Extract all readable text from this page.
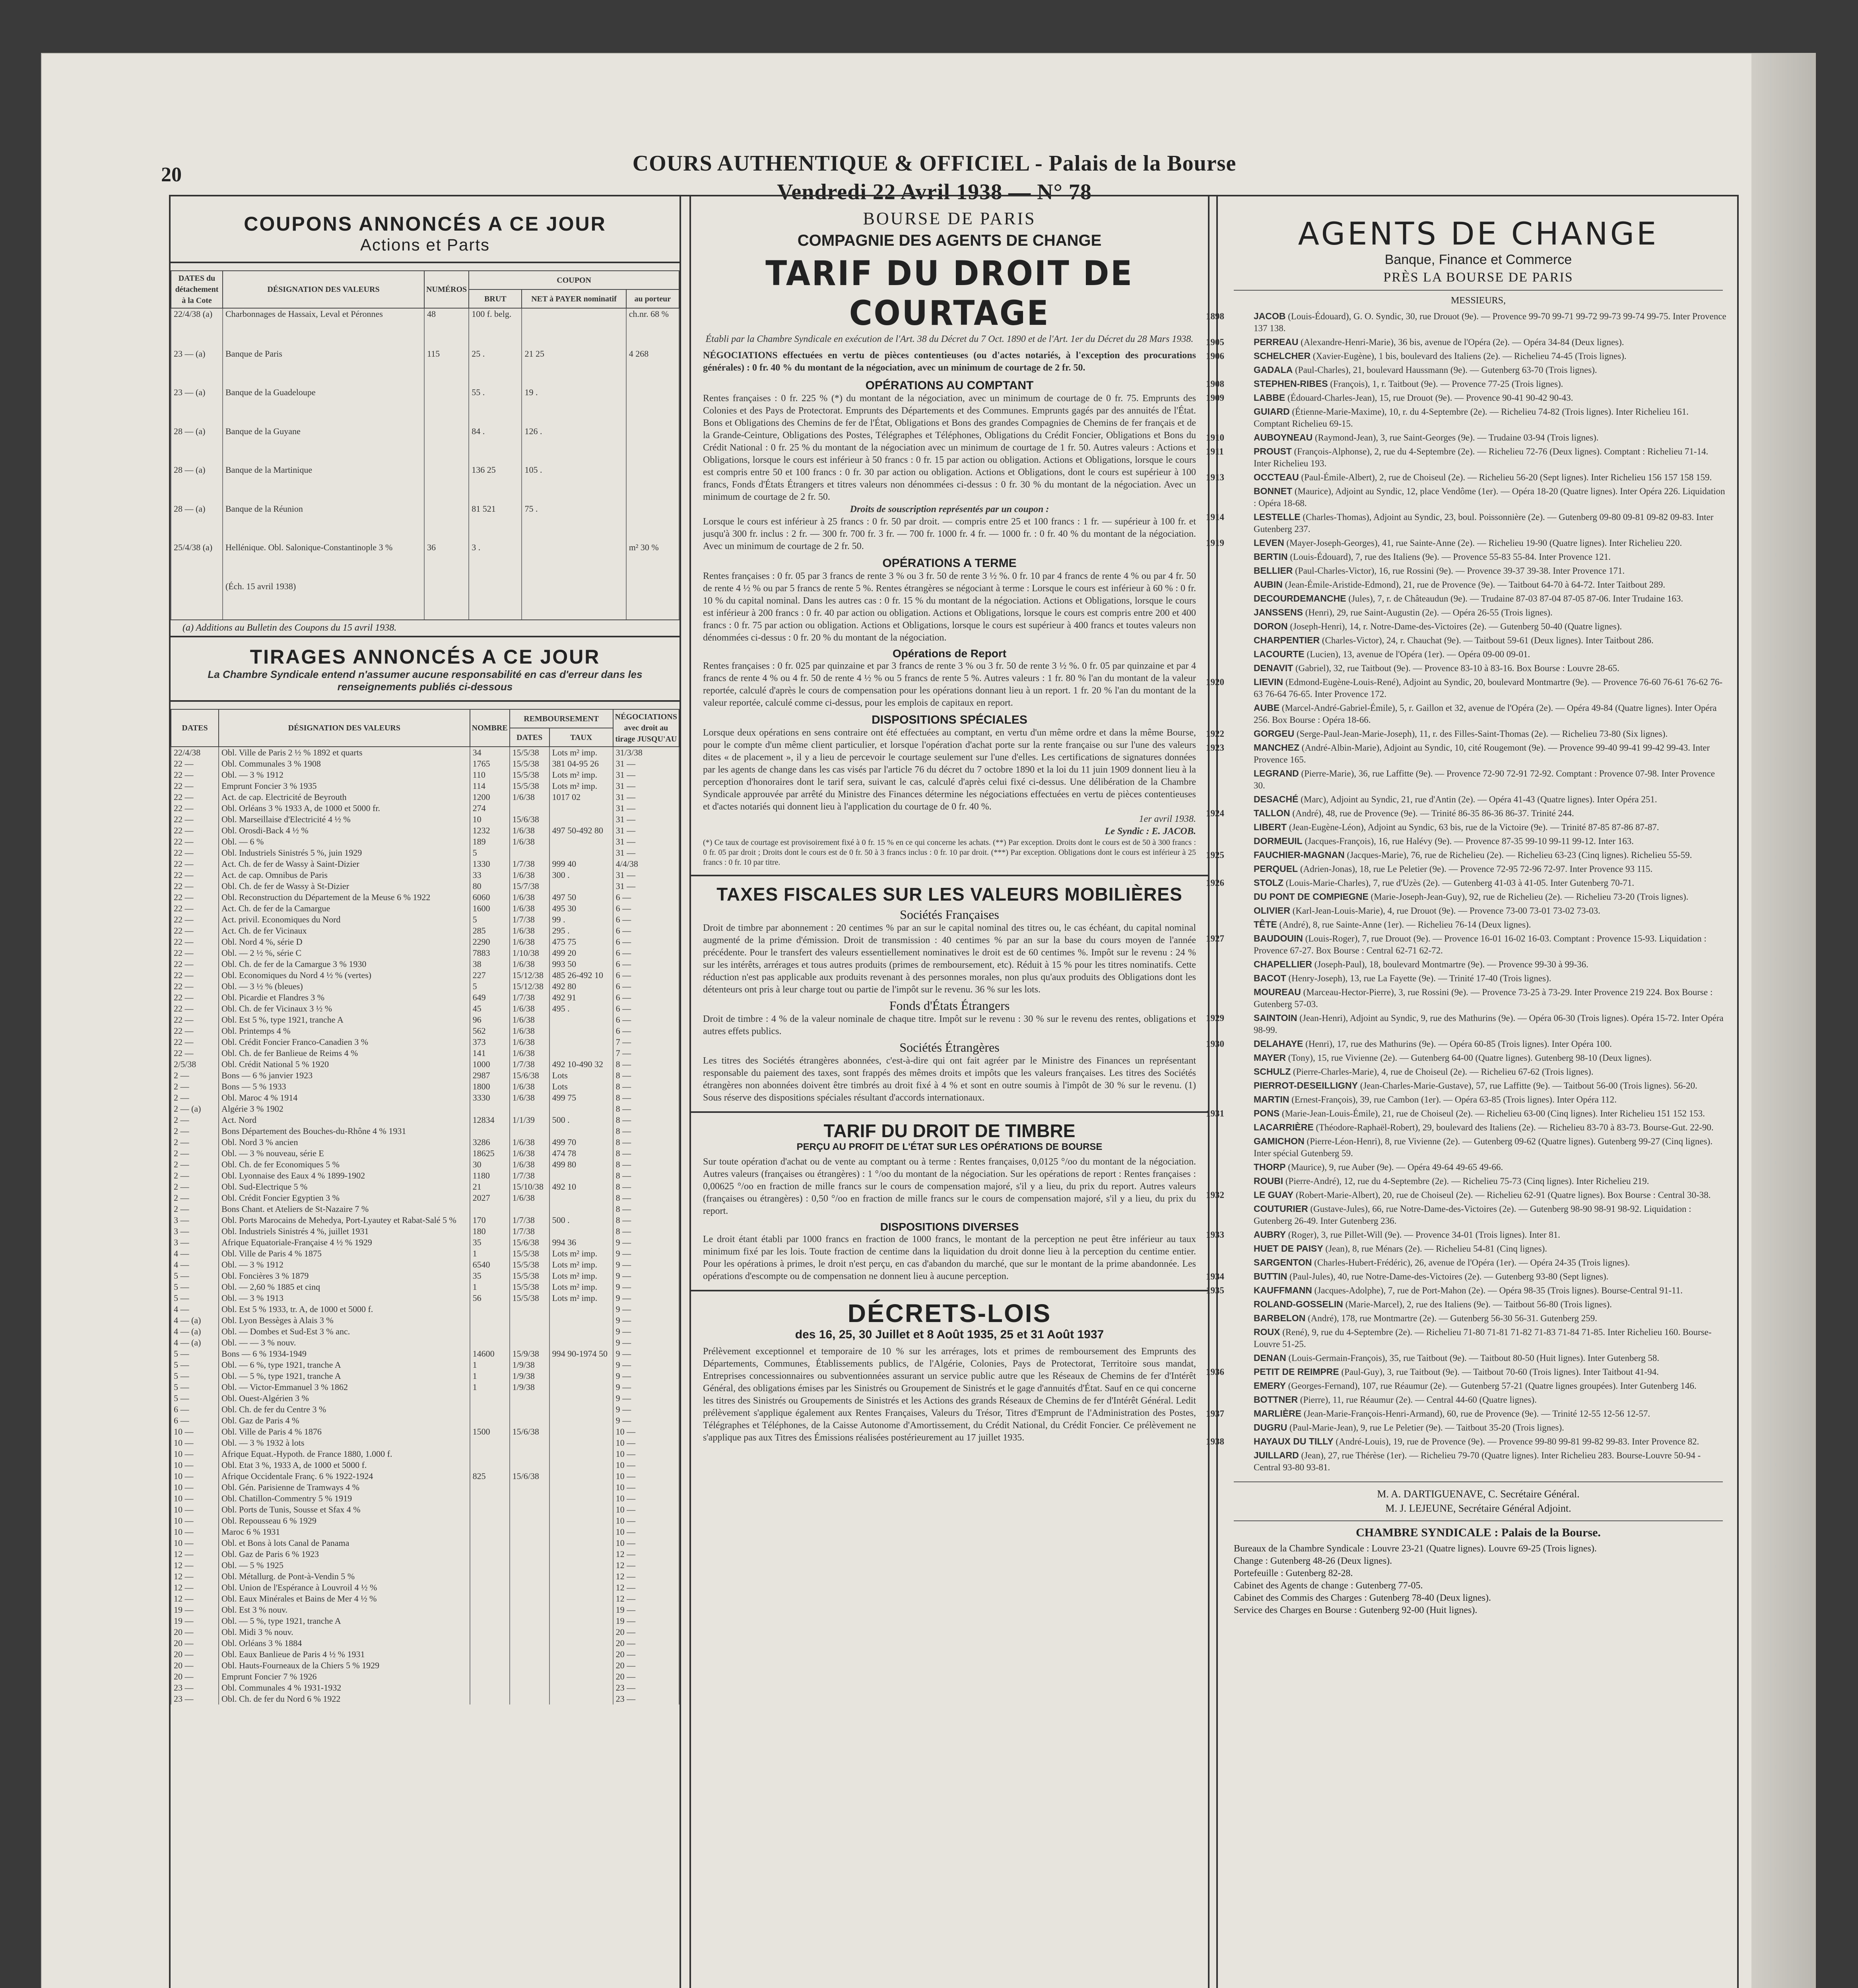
20	COURS AUTHENTIQUE & OFFICIEL - Palais de la Bourse
Vendredi 22 Avril 1938 — N° 78
COUPONS ANNONCÉS A CE JOUR
Actions et Parts
DATES du détachement à la Cote	DÉSIGNATION DES VALEURS	NUMÉROS	COUPON		
			BRUT	NET à PAYER nominatif	au porteur
22/4/38 (a)	Charbonnages de Hassaix, Leval et Péronnes	48	100 f. belg.		ch.nr. 68 %
23 — (a)	Banque de Paris	115	25 .	21 25	4 268
23 — (a)	Banque de la Guadeloupe		55 .	19 .	
28 — (a)	Banque de la Guyane		84 .	126 .	
28 — (a)	Banque de la Martinique		136 25	105 .	
28 — (a)	Banque de la Réunion		81 521	75 .	
25/4/38 (a)	Hellénique. Obl. Salonique-Constantinople 3 %	36	3 .		m² 30 %
	(Éch. 15 avril 1938)				
(a) Additions au Bulletin des Coupons du 15 avril 1938.
TIRAGES ANNONCÉS A CE JOUR
La Chambre Syndicale entend n'assumer aucune responsabilité en cas d'erreur dans les renseignements publiés ci-dessous
DATES	DÉSIGNATION DES VALEURS	NOMBRE	REMBOURSEMENT		NÉGOCIATIONS avec droit au tirage JUSQU'AU
			DATES	TAUX	
22/4/38	Obl. Ville de Paris 2 ½ % 1892 et quarts	34	15/5/38	Lots m² imp.	31/3/38
22 —	Obl. Communales 3 % 1908	1765	15/5/38	381 04-95 26	31 —
22 —	Obl. — 3 % 1912	110	15/5/38	Lots m² imp.	31 —
22 —	Emprunt Foncier 3 % 1935	114	15/5/38	Lots m² imp.	31 —
22 —	Act. de cap. Electricité de Beyrouth	1200	1/6/38	1017 02	31 —
22 —	Obl. Orléans 3 % 1933 A, de 1000 et 5000 fr.	274			31 —
22 —	Obl. Marseillaise d'Electricité 4 ½ %	10	15/6/38		31 —
22 —	Obl. Orosdi-Back 4 ½ %	1232	1/6/38	497 50-492 80	31 —
22 —	Obl. — 6 %	189	1/6/38		31 —
22 —	Obl. Industriels Sinistrés 5 %, juin 1929	5			31 —
22 —	Act. Ch. de fer de Wassy à Saint-Dizier	1330	1/7/38	999 40	4/4/38
22 —	Act. de cap. Omnibus de Paris	33	1/6/38	300 .	31 —
22 —	Obl. Ch. de fer de Wassy à St-Dizier	80	15/7/38		31 —
22 —	Obl. Reconstruction du Département de la Meuse 6 % 1922	6060	1/6/38	497 50	6 —
22 —	Act. Ch. de fer de la Camargue	1600	1/6/38	495 30	6 —
22 —	Act. privil. Economiques du Nord	5	1/7/38	99 .	6 —
22 —	Act. Ch. de fer Vicinaux	285	1/6/38	295 .	6 —
22 —	Obl. Nord 4 %, série D	2290	1/6/38	475 75	6 —
22 —	Obl. — 2 ½ %, série C	7883	1/10/38	499 20	6 —
22 —	Obl. Ch. de fer de la Camargue 3 % 1930	38	1/6/38	993 50	6 —
22 —	Obl. Economiques du Nord 4 ½ % (vertes)	227	15/12/38	485 26-492 10	6 —
22 —	Obl. — 3 ½ % (bleues)	5	15/12/38	492 80	6 —
22 —	Obl. Picardie et Flandres 3 %	649	1/7/38	492 91	6 —
22 —	Obl. Ch. de fer Vicinaux 3 ½ %	45	1/6/38	495 .	6 —
22 —	Obl. Est 5 %, type 1921, tranche A	96	1/6/38		6 —
22 —	Obl. Printemps 4 %	562	1/6/38		6 —
22 —	Obl. Crédit Foncier Franco-Canadien 3 %	373	1/6/38		7 —
22 —	Obl. Ch. de fer Banlieue de Reims 4 %	141	1/6/38		7 —
2/5/38	Obl. Crédit National 5 % 1920	1000	1/7/38	492 10-490 32	8 —
2 —	Bons — 6 % janvier 1923	2987	15/6/38	Lots	8 —
2 —	Bons — 5 % 1933	1800	1/6/38	Lots	8 —
2 —	Obl. Maroc 4 % 1914	3330	1/6/38	499 75	8 —
2 — (a)	Algérie 3 % 1902				8 —
2 —	Act. Nord	12834	1/1/39	500 .	8 —
2 —	Bons Département des Bouches-du-Rhône 4 % 1931				8 —
2 —	Obl. Nord 3 % ancien	3286	1/6/38	499 70	8 —
2 —	Obl. — 3 % nouveau, série E	18625	1/6/38	474 78	8 —
2 —	Obl. Ch. de fer Economiques 5 %	30	1/6/38	499 80	8 —
2 —	Obl. Lyonnaise des Eaux 4 % 1899-1902	1180	1/7/38		8 —
2 —	Obl. Sud-Electrique 5 %	21	15/10/38	492 10	8 —
2 —	Obl. Crédit Foncier Egyptien 3 %	2027	1/6/38		8 —
2 —	Bons Chant. et Ateliers de St-Nazaire 7 %				8 —
3 —	Obl. Ports Marocains de Mehedya, Port-Lyautey et Rabat-Salé 5 %	170	1/7/38	500 .	8 —
3 —	Obl. Industriels Sinistrés 4 %, juillet 1931	180	1/7/38		8 —
3 —	Afrique Equatoriale-Française 4 ½ % 1929	35	15/6/38	994 36	9 —
4 —	Obl. Ville de Paris 4 % 1875	1	15/5/38	Lots m² imp.	9 —
4 —	Obl. — 3 % 1912	6540	15/5/38	Lots m² imp.	9 —
5 —	Obl. Foncières 3 % 1879	35	15/5/38	Lots m² imp.	9 —
5 —	Obl. — 2,60 % 1885 et cinq	1	15/5/38	Lots m² imp.	9 —
5 —	Obl. — 3 % 1913	56	15/5/38	Lots m² imp.	9 —
4 —	Obl. Est 5 % 1933, tr. A, de 1000 et 5000 f.				9 —
4 — (a)	Obl. Lyon Bessèges à Alais 3 %				9 —
4 — (a)	Obl. — Dombes et Sud-Est 3 % anc.				9 —
4 — (a)	Obl. — — 3 % nouv.				9 —
5 —	Bons — 6 % 1934-1949	14600	15/9/38	994 90-1974 50	9 —
5 —	Obl. — 6 %, type 1921, tranche A	1	1/9/38		9 —
5 —	Obl. — 5 %, type 1921, tranche A	1	1/9/38		9 —
5 —	Obl. — Victor-Emmanuel 3 % 1862	1	1/9/38		9 —
5 —	Obl. Ouest-Algérien 3 %				9 —
6 —	Obl. Ch. de fer du Centre 3 %				9 —
6 —	Obl. Gaz de Paris 4 %				9 —
10 —	Obl. Ville de Paris 4 % 1876	1500	15/6/38		10 —
10 —	Obl. — 3 % 1932 à lots				10 —
10 —	Afrique Equat.-Hypoth. de France 1880, 1.000 f.				10 —
10 —	Obl. Etat 3 %, 1933 A, de 1000 et 5000 f.				10 —
10 —	Afrique Occidentale Franç. 6 % 1922-1924	825	15/6/38		10 —
10 —	Obl. Gén. Parisienne de Tramways 4 %				10 —
10 —	Obl. Chatillon-Commentry 5 % 1919				10 —
10 —	Obl. Ports de Tunis, Sousse et Sfax 4 %				10 —
10 —	Obl. Repousseau 6 % 1929				10 —
10 —	Maroc 6 % 1931				10 —
10 —	Obl. et Bons à lots Canal de Panama				10 —
12 —	Obl. Gaz de Paris 6 % 1923				12 —
12 —	Obl. — 5 % 1925				12 —
12 —	Obl. Métallurg. de Pont-à-Vendin 5 %				12 —
12 —	Obl. Union de l'Espérance à Louvroil 4 ½ %				12 —
12 —	Obl. Eaux Minérales et Bains de Mer 4 ½ %				12 —
19 —	Obl. Est 3 % nouv.				19 —
19 —	Obl. — 5 %, type 1921, tranche A				19 —
20 —	Obl. Midi 3 % nouv.				20 —
20 —	Obl. Orléans 3 % 1884				20 —
20 —	Obl. Eaux Banlieue de Paris 4 ½ % 1931				20 —
20 —	Obl. Hauts-Fourneaux de la Chiers 5 % 1929				20 —
20 —	Emprunt Foncier 7 % 1926				20 —
23 —	Obl. Communales 4 % 1931-1932				23 —
23 —	Obl. Ch. de fer du Nord 6 % 1922				23 —
BOURSE DE PARIS
COMPAGNIE DES AGENTS DE CHANGE
TARIF DU DROIT DE COURTAGE
Établi par la Chambre Syndicale en exécution de l'Art. 38 du Décret du 7 Oct. 1890 et de l'Art. 1er du Décret du 28 Mars 1938.
NÉGOCIATIONS effectuées en vertu de pièces contentieuses (ou d'actes notariés, à l'exception des procurations générales) : 0 fr. 40 % du montant de la négociation, avec un minimum de courtage de 2 fr. 50.
OPÉRATIONS AU COMPTANT
Rentes françaises : 0 fr. 225 % (*) du montant de la négociation, avec un minimum de courtage de 0 fr. 75. Emprunts des Colonies et des Pays de Protectorat. Emprunts des Départements et des Communes. Emprunts gagés par des annuités de l'État. Bons et Obligations des Chemins de fer de l'État, Obligations et Bons des grandes Compagnies de Chemins de fer français et de la Grande-Ceinture, Obligations des Postes, Télégraphes et Téléphones, Obligations du Crédit Foncier, Obligations et Bons du Crédit National : 0 fr. 25 % du montant de la négociation avec un minimum de courtage de 1 fr. 50. Autres valeurs : Actions et Obligations, lorsque le cours est inférieur à 50 francs : 0 fr. 15 par action ou obligation. Actions et Obligations, lorsque le cours est compris entre 50 et 100 francs : 0 fr. 30 par action ou obligation. Actions et Obligations, dont le cours est supérieur à 100 francs, Fonds d'États Étrangers et titres valeurs non dénommées ci-dessus : 0 fr. 30 % du montant de la négociation. Avec un minimum de courtage de 2 fr. 50.
Droits de souscription représentés par un coupon :
Lorsque le cours est inférieur à 25 francs : 0 fr. 50 par droit. — compris entre 25 et 100 francs : 1 fr. — supérieur à 100 fr. et jusqu'à 300 fr. inclus : 2 fr. — 300 fr. 700 fr. 3 fr. — 700 fr. 1000 fr. 4 fr. — 1000 fr. : 0 fr. 40 % du montant de la négociation. Avec un minimum de courtage de 2 fr. 50.
OPÉRATIONS A TERME
Rentes françaises : 0 fr. 05 par 3 francs de rente 3 % ou 3 fr. 50 de rente 3 ½ %. 0 fr. 10 par 4 francs de rente 4 % ou par 4 fr. 50 de rente 4 ½ % ou par 5 francs de rente 5 %. Rentes étrangères se négociant à terme : Lorsque le cours est inférieur à 60 % : 0 fr. 10 % du capital nominal. Dans les autres cas : 0 fr. 15 % du montant de la négociation. Actions et Obligations, lorsque le cours est inférieur à 200 francs : 0 fr. 40 par action ou obligation. Actions et Obligations, lorsque le cours est compris entre 200 et 400 francs : 0 fr. 75 par action ou obligation. Actions et Obligations, lorsque le cours est supérieur à 400 francs et toutes valeurs non dénommées ci-dessus : 0 fr. 20 % du montant de la négociation.
Opérations de Report
Rentes françaises : 0 fr. 025 par quinzaine et par 3 francs de rente 3 % ou 3 fr. 50 de rente 3 ½ %. 0 fr. 05 par quinzaine et par 4 francs de rente 4 % ou 4 fr. 50 de rente 4 ½ % ou 5 francs de rente 5 %. Autres valeurs : 1 fr. 80 % l'an du montant de la valeur reportée, calculé d'après le cours de compensation pour les opérations donnant lieu à un report. 1 fr. 20 % l'an du montant de la valeur reportée, calculé comme ci-dessus, pour les emplois de capitaux en report.
DISPOSITIONS SPÉCIALES
Lorsque deux opérations en sens contraire ont été effectuées au comptant, en vertu d'un même ordre et dans la même Bourse, pour le compte d'un même client particulier, et lorsque l'opération d'achat porte sur la rente française ou sur l'une des valeurs dites « de placement », il y a lieu de percevoir le courtage seulement sur l'une d'elles. Les certifications de signatures données par les agents de change dans les cas visés par l'article 76 du décret du 7 octobre 1890 et la loi du 11 juin 1909 donnent lieu à la perception d'honoraires dont le tarif sera, suivant le cas, calculé d'après celui fixé ci-dessus. Une délibération de la Chambre Syndicale approuvée par arrêté du Ministre des Finances détermine les négociations effectuées en vertu de pièces contentieuses et d'actes notariés qui donnent lieu à l'application du courtage de 0 fr. 40 %.
1er avril 1938.
Le Syndic : E. JACOB.
(*) Ce taux de courtage est provisoirement fixé à 0 fr. 15 % en ce qui concerne les achats. (**) Par exception. Droits dont le cours est de 50 à 300 francs : 0 fr. 05 par droit ; Droits dont le cours est de 0 fr. 50 à 3 francs inclus : 0 fr. 10 par droit. (***) Par exception. Obligations dont le cours est inférieur à 25 francs : 0 fr. 10 par titre.
TAXES FISCALES SUR LES VALEURS MOBILIÈRES
Sociétés Françaises
Droit de timbre par abonnement : 20 centimes % par an sur le capital nominal des titres ou, le cas échéant, du capital nominal augmenté de la prime d'émission. Droit de transmission : 40 centimes % par an sur la base du cours moyen de l'année précédente. Pour le transfert des valeurs essentiellement nominatives le droit est de 60 centimes %. Impôt sur le revenu : 24 % sur les intérêts, arrérages et tous autres produits (primes de remboursement, etc). Réduit à 15 % pour les titres nominatifs. Cette réduction n'est pas applicable aux produits revenant à des personnes morales, non plus qu'aux produits des Obligations dont les détenteurs ont pris à leur charge tout ou partie de l'impôt sur le revenu. 36 % sur les lots.
Fonds d'États Étrangers
Droit de timbre : 4 % de la valeur nominale de chaque titre. Impôt sur le revenu : 30 % sur le revenu des rentes, obligations et autres effets publics.
Sociétés Étrangères
Les titres des Sociétés étrangères abonnées, c'est-à-dire qui ont fait agréer par le Ministre des Finances un représentant responsable du paiement des taxes, sont frappés des mêmes droits et impôts que les valeurs françaises. Les titres des Sociétés étrangères non abonnées doivent être timbrés au droit fixé à 4 % et sont en outre soumis à l'impôt de 30 % sur le revenu. (1) Sous réserve des dispositions spéciales résultant d'accords internationaux.
TARIF DU DROIT DE TIMBRE
PERÇU AU PROFIT DE L'ÉTAT SUR LES OPÉRATIONS DE BOURSE
Sur toute opération d'achat ou de vente au comptant ou à terme : Rentes françaises, 0,0125 °/oo du montant de la négociation. Autres valeurs (françaises ou étrangères) : 1 °/oo du montant de la négociation. Sur les opérations de report : Rentes françaises : 0,00625 °/oo en fraction de mille francs sur le cours de compensation majoré, s'il y a lieu, du prix du report. Autres valeurs (françaises ou étrangères) : 0,50 °/oo en fraction de mille francs sur le cours de compensation majoré, s'il y a lieu, du prix du report.
DISPOSITIONS DIVERSES
Le droit étant établi par 1000 francs en fraction de 1000 francs, le montant de la perception ne peut être inférieur au taux minimum fixé par les lois. Toute fraction de centime dans la liquidation du droit donne lieu à la perception du centime entier. Pour les opérations à primes, le droit n'est perçu, en cas d'abandon du marché, que sur le montant de la prime abandonnée. Les opérations d'escompte ou de compensation ne donnent lieu à aucune perception.
DÉCRETS-LOIS
des 16, 25, 30 Juillet et 8 Août 1935, 25 et 31 Août 1937
Prélèvement exceptionnel et temporaire de 10 % sur les arrérages, lots et primes de remboursement des Emprunts des Départements, Communes, Établissements publics, de l'Algérie, Colonies, Pays de Protectorat, Territoire sous mandat, Entreprises concessionnaires ou subventionnées assurant un service public autre que les Réseaux de Chemins de fer d'Intérêt Général, des obligations émises par les Sinistrés ou Groupement de Sinistrés et le gage d'annuités d'État. Sauf en ce qui concerne les titres des Sinistrés ou Groupements de Sinistrés et les Actions des grands Réseaux de Chemins de fer d'Intérêt Général. Ledit prélèvement s'applique également aux Rentes Françaises, Valeurs du Trésor, Titres d'Emprunt de l'Administration des Postes, Télégraphes et Téléphones, de la Caisse Autonome d'Amortissement, du Crédit National, du Crédit Foncier. Ce prélèvement ne s'applique pas aux Titres des Émissions réalisées postérieurement au 17 juillet 1935.
AGENTS DE CHANGE
Banque, Finance et Commerce
PRÈS LA BOURSE DE PARIS
MESSIEURS,
1898	JACOB (Louis-Édouard), G. O. Syndic, 30, rue Drouot (9e). — Provence 99-70 99-71 99-72 99-73 99-74 99-75. Inter Provence 137 138.
1905	PERREAU (Alexandre-Henri-Marie), 36 bis, avenue de l'Opéra (2e). — Opéra 34-84 (Deux lignes).
1906	SCHELCHER (Xavier-Eugène), 1 bis, boulevard des Italiens (2e). — Richelieu 74-45 (Trois lignes).
GADALA (Paul-Charles), 21, boulevard Haussmann (9e). — Gutenberg 63-70 (Trois lignes).
1908	STEPHEN-RIBES (François), 1, r. Taitbout (9e). — Provence 77-25 (Trois lignes).
1909	LABBE (Édouard-Charles-Jean), 15, rue Drouot (9e). — Provence 90-41 90-42 90-43.
GUIARD (Étienne-Marie-Maxime), 10, r. du 4-Septembre (2e). — Richelieu 74-82 (Trois lignes). Inter Richelieu 161. Comptant Richelieu 69-15.
1910	AUBOYNEAU (Raymond-Jean), 3, rue Saint-Georges (9e). — Trudaine 03-94 (Trois lignes).
1911	PROUST (François-Alphonse), 2, rue du 4-Septembre (2e). — Richelieu 72-76 (Deux lignes). Comptant : Richelieu 71-14. Inter Richelieu 193.
1913	OCCTEAU (Paul-Émile-Albert), 2, rue de Choiseul (2e). — Richelieu 56-20 (Sept lignes). Inter Richelieu 156 157 158 159.
BONNET (Maurice), Adjoint au Syndic, 12, place Vendôme (1er). — Opéra 18-20 (Quatre lignes). Inter Opéra 226. Liquidation : Opéra 18-68.
1914	LESTELLE (Charles-Thomas), Adjoint au Syndic, 23, boul. Poissonnière (2e). — Gutenberg 09-80 09-81 09-82 09-83. Inter Gutenberg 237.
1919	LEVEN (Mayer-Joseph-Georges), 41, rue Sainte-Anne (2e). — Richelieu 19-90 (Quatre lignes). Inter Richelieu 220.
BERTIN (Louis-Édouard), 7, rue des Italiens (9e). — Provence 55-83 55-84. Inter Provence 121.
BELLIER (Paul-Charles-Victor), 16, rue Rossini (9e). — Provence 39-37 39-38. Inter Provence 171.
AUBIN (Jean-Émile-Aristide-Edmond), 21, rue de Provence (9e). — Taitbout 64-70 à 64-72. Inter Taitbout 289.
DECOURDEMANCHE (Jules), 7, r. de Châteaudun (9e). — Trudaine 87-03 87-04 87-05 87-06. Inter Trudaine 163.
JANSSENS (Henri), 29, rue Saint-Augustin (2e). — Opéra 26-55 (Trois lignes).
DORON (Joseph-Henri), 14, r. Notre-Dame-des-Victoires (2e). — Gutenberg 50-40 (Quatre lignes).
CHARPENTIER (Charles-Victor), 24, r. Chauchat (9e). — Taitbout 59-61 (Deux lignes). Inter Taitbout 286.
LACOURTE (Lucien), 13, avenue de l'Opéra (1er). — Opéra 09-00 09-01.
DENAVIT (Gabriel), 32, rue Taitbout (9e). — Provence 83-10 à 83-16. Box Bourse : Louvre 28-65.
1920	LIEVIN (Edmond-Eugène-Louis-René), Adjoint au Syndic, 20, boulevard Montmartre (9e). — Provence 76-60 76-61 76-62 76-63 76-64 76-65. Inter Provence 172.
AUBE (Marcel-André-Gabriel-Émile), 5, r. Gaillon et 32, avenue de l'Opéra (2e). — Opéra 49-84 (Quatre lignes). Inter Opéra 256. Box Bourse : Opéra 18-66.
1922	GORGEU (Serge-Paul-Jean-Marie-Joseph), 11, r. des Filles-Saint-Thomas (2e). — Richelieu 73-80 (Six lignes).
1923	MANCHEZ (André-Albin-Marie), Adjoint au Syndic, 10, cité Rougemont (9e). — Provence 99-40 99-41 99-42 99-43. Inter Provence 165.
LEGRAND (Pierre-Marie), 36, rue Laffitte (9e). — Provence 72-90 72-91 72-92. Comptant : Provence 07-98. Inter Provence 30.
DESACHÉ (Marc), Adjoint au Syndic, 21, rue d'Antin (2e). — Opéra 41-43 (Quatre lignes). Inter Opéra 251.
1924	TALLON (André), 48, rue de Provence (9e). — Trinité 86-35 86-36 86-37. Trinité 244.
LIBERT (Jean-Eugène-Léon), Adjoint au Syndic, 63 bis, rue de la Victoire (9e). — Trinité 87-85 87-86 87-87.
DORMEUIL (Jacques-François), 16, rue Halévy (9e). — Provence 87-35 99-10 99-11 99-12. Inter 163.
1925	FAUCHIER-MAGNAN (Jacques-Marie), 76, rue de Richelieu (2e). — Richelieu 63-23 (Cinq lignes). Richelieu 55-59.
PERQUEL (Adrien-Jonas), 18, rue Le Peletier (9e). — Provence 72-95 72-96 72-97. Inter Provence 93 115.
1926	STOLZ (Louis-Marie-Charles), 7, rue d'Uzès (2e). — Gutenberg 41-03 à 41-05. Inter Gutenberg 70-71.
DU PONT DE COMPIEGNE (Marie-Joseph-Jean-Guy), 92, rue de Richelieu (2e). — Richelieu 73-20 (Trois lignes).
OLIVIER (Karl-Jean-Louis-Marie), 4, rue Drouot (9e). — Provence 73-00 73-01 73-02 73-03.
TÊTE (André), 8, rue Sainte-Anne (1er). — Richelieu 76-14 (Deux lignes).
1927	BAUDOUIN (Louis-Roger), 7, rue Drouot (9e). — Provence 16-01 16-02 16-03. Comptant : Provence 15-93. Liquidation : Provence 67-27. Box Bourse : Central 62-71 62-72.
CHAPELLIER (Joseph-Paul), 18, boulevard Montmartre (9e). — Provence 99-30 à 99-36.
BACOT (Henry-Joseph), 13, rue La Fayette (9e). — Trinité 17-40 (Trois lignes).
MOUREAU (Marceau-Hector-Pierre), 3, rue Rossini (9e). — Provence 73-25 à 73-29. Inter Provence 219 224. Box Bourse : Gutenberg 57-03.
1929	SAINTOIN (Jean-Henri), Adjoint au Syndic, 9, rue des Mathurins (9e). — Opéra 06-30 (Trois lignes). Opéra 15-72. Inter Opéra 98-99.
1930	DELAHAYE (Henri), 17, rue des Mathurins (9e). — Opéra 60-85 (Trois lignes). Inter Opéra 100.
MAYER (Tony), 15, rue Vivienne (2e). — Gutenberg 64-00 (Quatre lignes). Gutenberg 98-10 (Deux lignes).
SCHULZ (Pierre-Charles-Marie), 4, rue de Choiseul (2e). — Richelieu 67-62 (Trois lignes).
PIERROT-DESEILLIGNY (Jean-Charles-Marie-Gustave), 57, rue Laffitte (9e). — Taitbout 56-00 (Trois lignes). 56-20.
MARTIN (Ernest-François), 39, rue Cambon (1er). — Opéra 63-85 (Trois lignes). Inter Opéra 112.
1931	PONS (Marie-Jean-Louis-Émile), 21, rue de Choiseul (2e). — Richelieu 63-00 (Cinq lignes). Inter Richelieu 151 152 153.
LACARRIÈRE (Théodore-Raphaël-Robert), 29, boulevard des Italiens (2e). — Richelieu 83-70 à 83-73. Bourse-Gut. 22-90.
GAMICHON (Pierre-Léon-Henri), 8, rue Vivienne (2e). — Gutenberg 09-62 (Quatre lignes). Gutenberg 99-27 (Cinq lignes). Inter spécial Gutenberg 59.
THORP (Maurice), 9, rue Auber (9e). — Opéra 49-64 49-65 49-66.
ROUBI (Pierre-André), 12, rue du 4-Septembre (2e). — Richelieu 75-73 (Cinq lignes). Inter Richelieu 219.
1932	LE GUAY (Robert-Marie-Albert), 20, rue de Choiseul (2e). — Richelieu 62-91 (Quatre lignes). Box Bourse : Central 30-38.
COUTURIER (Gustave-Jules), 66, rue Notre-Dame-des-Victoires (2e). — Gutenberg 98-90 98-91 98-92. Liquidation : Gutenberg 26-49. Inter Gutenberg 236.
1933	AUBRY (Roger), 3, rue Pillet-Will (9e). — Provence 34-01 (Trois lignes). Inter 81.
HUET DE PAISY (Jean), 8, rue Ménars (2e). — Richelieu 54-81 (Cinq lignes).
SARGENTON (Charles-Hubert-Frédéric), 26, avenue de l'Opéra (1er). — Opéra 24-35 (Trois lignes).
1934	BUTTIN (Paul-Jules), 40, rue Notre-Dame-des-Victoires (2e). — Gutenberg 93-80 (Sept lignes).
1935	KAUFFMANN (Jacques-Adolphe), 7, rue de Port-Mahon (2e). — Opéra 98-35 (Trois lignes). Bourse-Central 91-11.
ROLAND-GOSSELIN (Marie-Marcel), 2, rue des Italiens (9e). — Taitbout 56-80 (Trois lignes).
BARBELON (André), 178, rue Montmartre (2e). — Gutenberg 56-30 56-31. Gutenberg 259.
ROUX (René), 9, rue du 4-Septembre (2e). — Richelieu 71-80 71-81 71-82 71-83 71-84 71-85. Inter Richelieu 160. Bourse-Louvre 51-25.
DENAN (Louis-Germain-François), 35, rue Taitbout (9e). — Taitbout 80-50 (Huit lignes). Inter Gutenberg 58.
1936	PETIT DE REIMPRE (Paul-Guy), 3, rue Taitbout (9e). — Taitbout 70-60 (Trois lignes). Inter Taitbout 41-94.
EMERY (Georges-Fernand), 107, rue Réaumur (2e). — Gutenberg 57-21 (Quatre lignes groupées). Inter Gutenberg 146.
BOTTNER (Pierre), 11, rue Réaumur (2e). — Central 44-60 (Quatre lignes).
1937	MARLIÈRE (Jean-Marie-François-Henri-Armand), 60, rue de Provence (9e). — Trinité 12-55 12-56 12-57.
DUGRU (Paul-Marie-Jean), 9, rue Le Peletier (9e). — Taitbout 35-20 (Trois lignes).
1938	HAYAUX DU TILLY (André-Louis), 19, rue de Provence (9e). — Provence 99-80 99-81 99-82 99-83. Inter Provence 82.
JUILLARD (Jean), 27, rue Thérèse (1er). — Richelieu 79-70 (Quatre lignes). Inter Richelieu 283. Bourse-Louvre 50-94 - Central 93-80 93-81.
M. A. DARTIGUENAVE, C. Secrétaire Général.
M. J. LEJEUNE, Secrétaire Général Adjoint.
CHAMBRE SYNDICALE : Palais de la Bourse.
Bureaux de la Chambre Syndicale : Louvre 23-21 (Quatre lignes). Louvre 69-25 (Trois lignes).
Change : Gutenberg 48-26 (Deux lignes).
Portefeuille : Gutenberg 82-28.
Cabinet des Agents de change : Gutenberg 77-05.
Cabinet des Commis des Charges : Gutenberg 78-40 (Deux lignes).
Service des Charges en Bourse : Gutenberg 92-00 (Huit lignes).
